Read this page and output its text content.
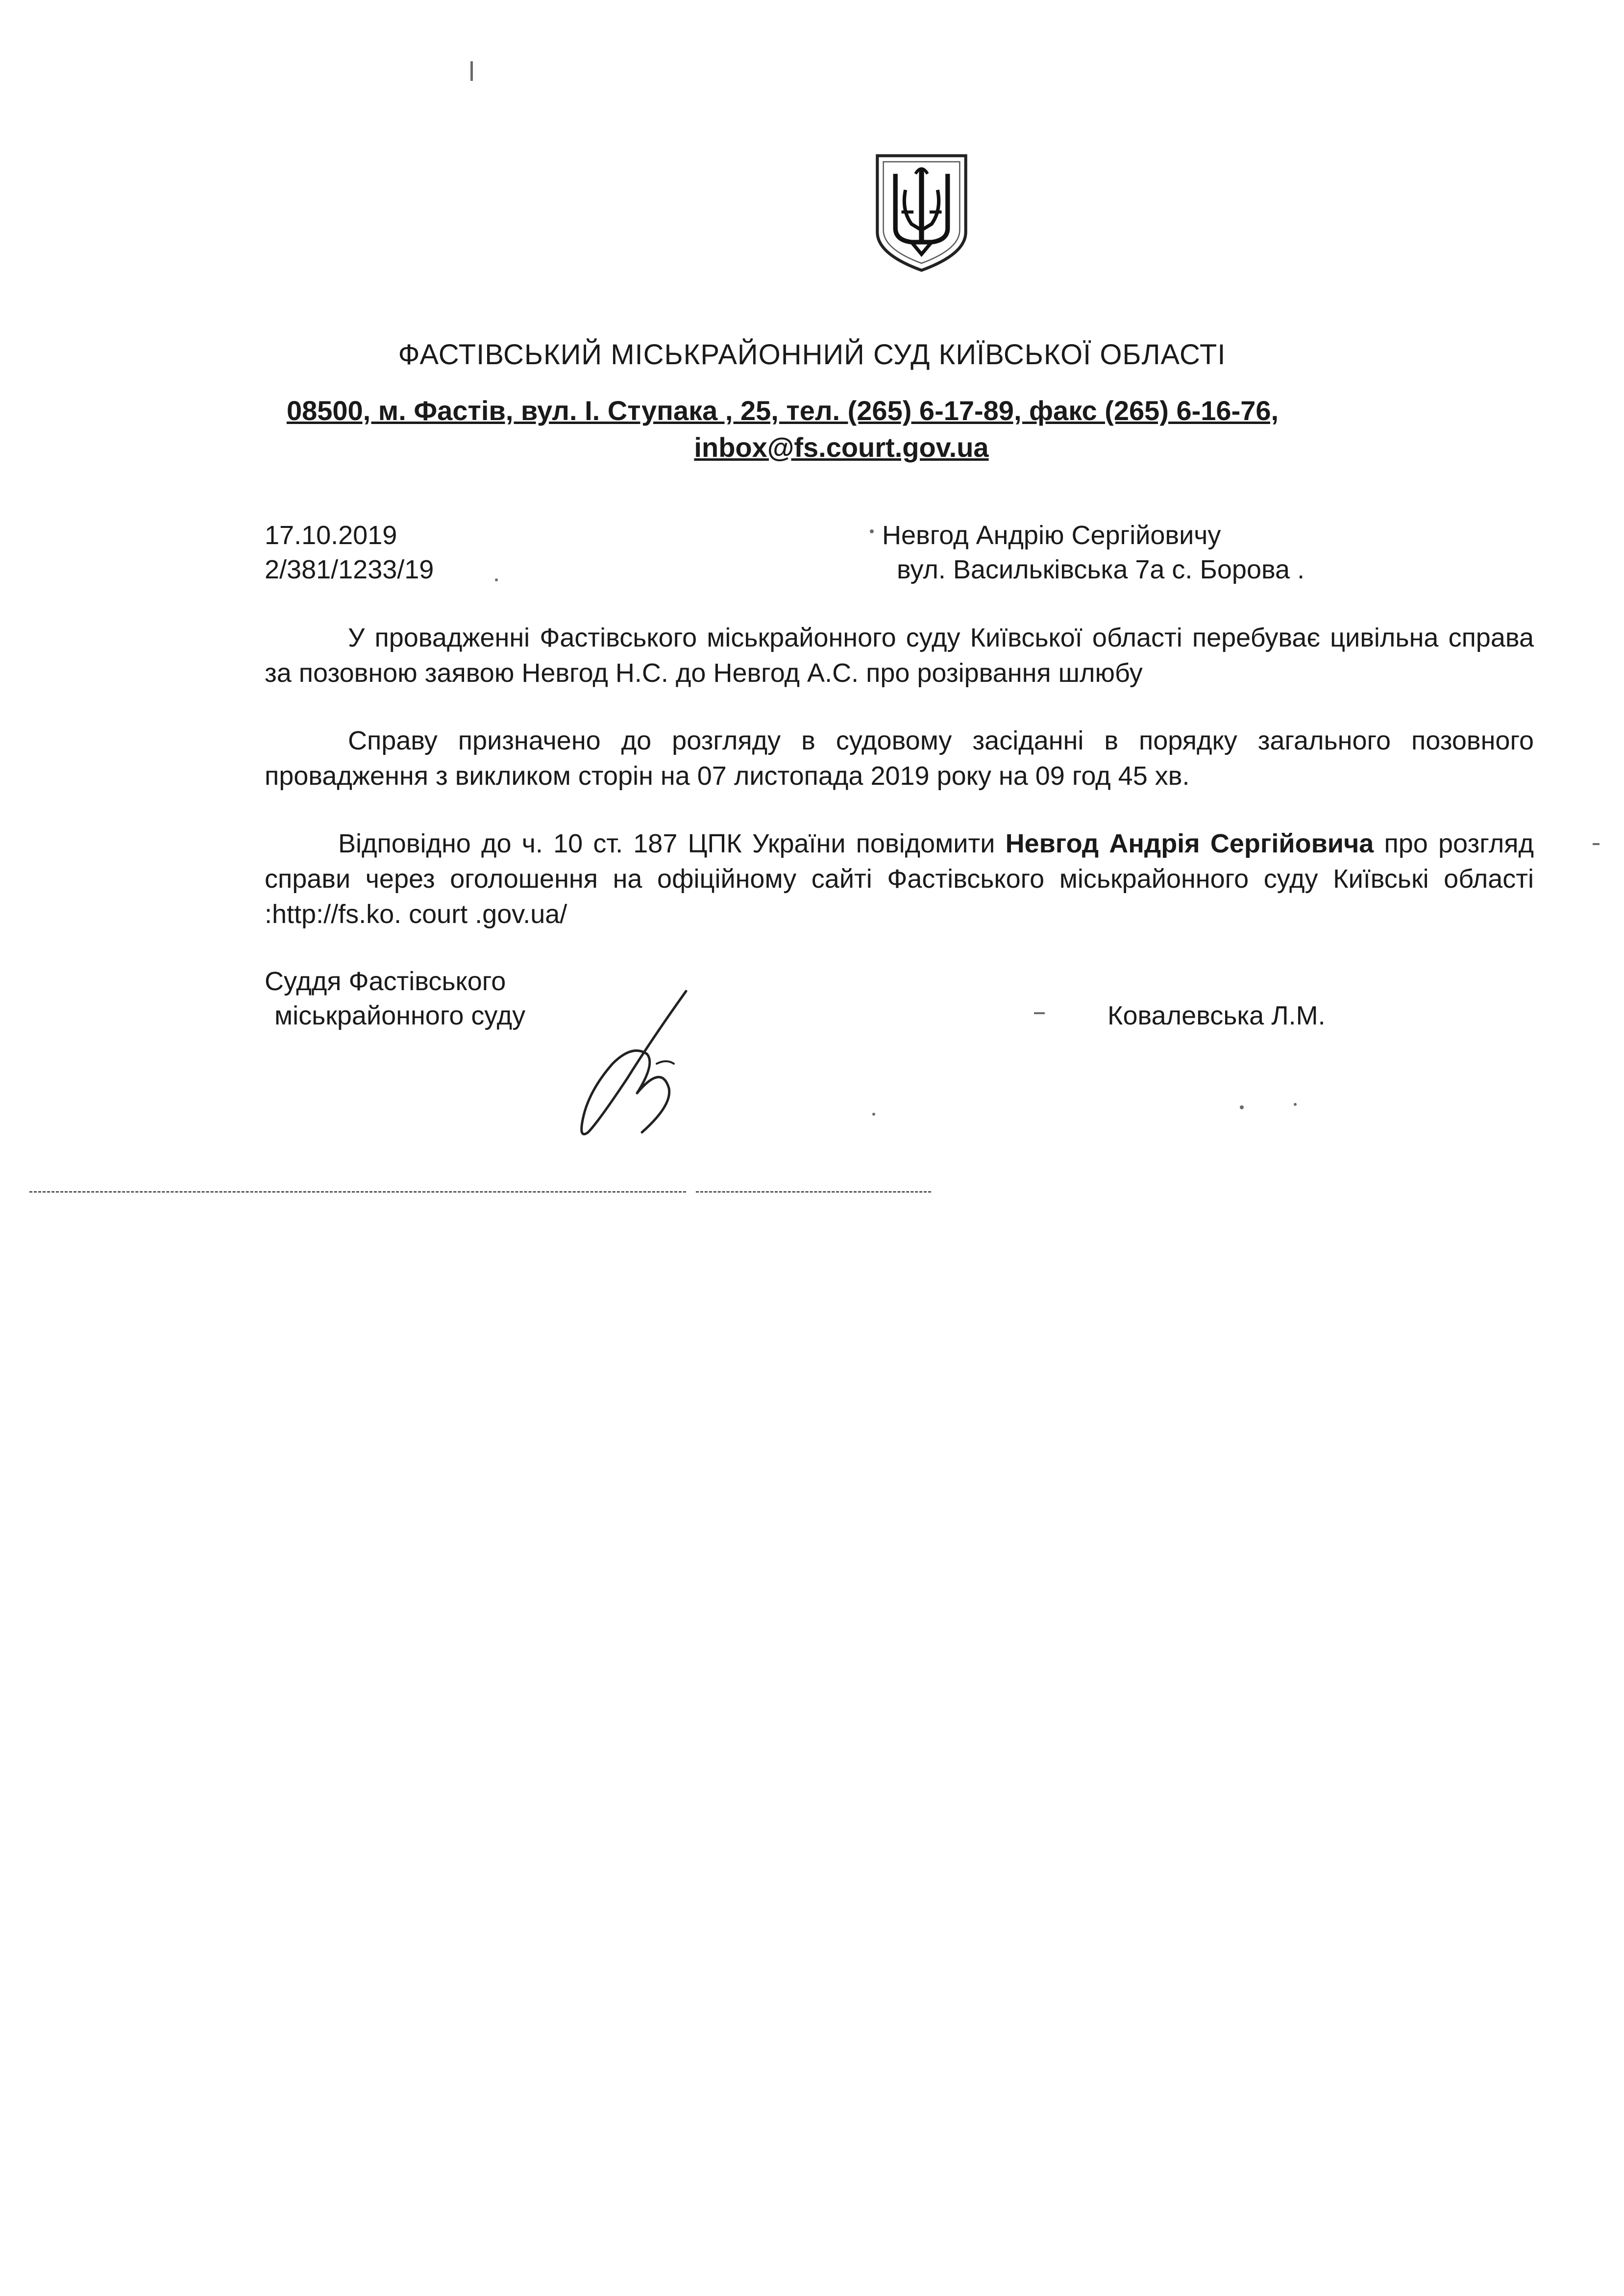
ФАСТІВСЬКИЙ МІСЬКРАЙОННИЙ СУД КИЇВСЬКОЇ ОБЛАСТІ
08500, м. Фастів, вул. І. Ступака , 25, тел. (265) 6-17-89, факс (265) 6-16-76,
inbox@fs.court.gov.ua
17.10.2019
2/381/1233/19
Невгод Андрію Сергійовичу
вул. Васильківська 7а с. Борова .
У провадженні Фастівського міськрайонного суду Київської області перебуває цивільна справа за позовною заявою Невгод Н.С. до Невгод А.С. про розірвання шлюбу
Справу призначено до розгляду в судовому засіданні в порядку загального позовного провадження з викликом сторін на 07 листопада 2019 року на 09 год 45 хв.
Відповідно до ч. 10 ст. 187 ЦПК України повідомити Невгод Андрія Сергійовича про розгляд справи через оголошення на офіційному сайті Фастівського міськрайонного суду Київські області :http://fs.ko. court .gov.ua/
Суддя Фастівського
міськрайонного суду	Ковалевська Л.М.
